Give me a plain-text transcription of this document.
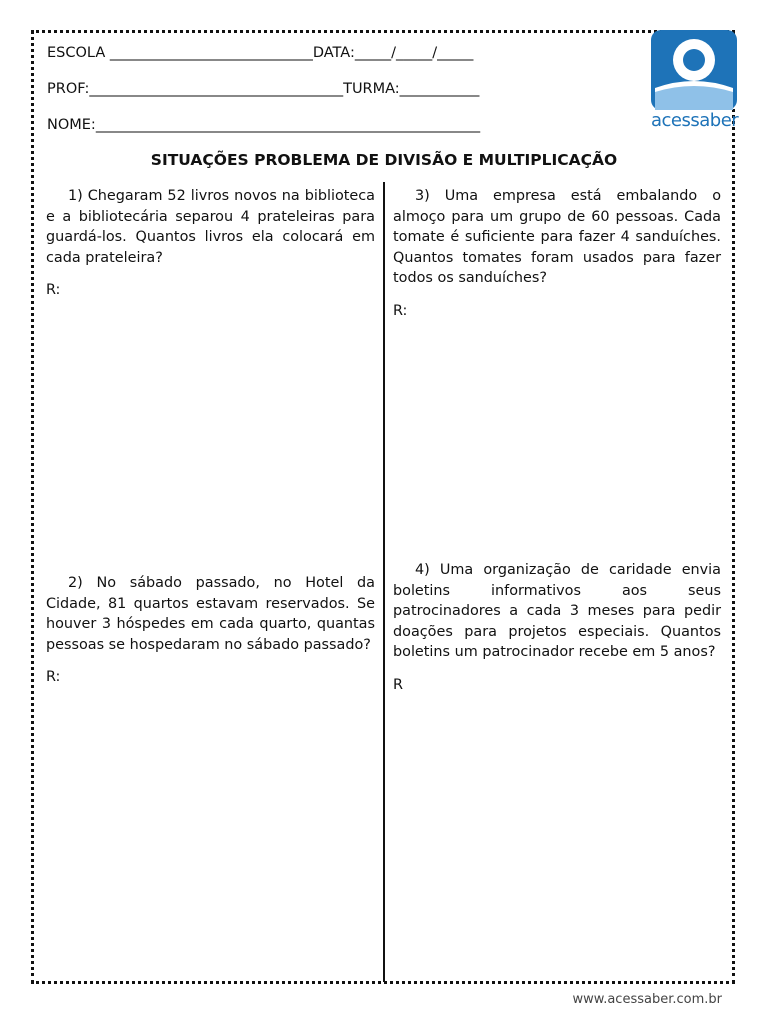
ESCOLA ____________________________DATA:_____/_____/_____
PROF:___________________________________TURMA:___________
NOME:_____________________________________________________	acessaber
SITUAÇÕES PROBLEMA DE DIVISÃO E MULTIPLICAÇÃO

1) Chegaram 52 livros novos na biblioteca e a bibliotecária separou 4 prateleiras para guardá-los. Quantos livros ela colocará em cada prateleira?

R:

2) No sábado passado, no Hotel da Cidade, 81 quartos estavam reservados. Se houver 3 hóspedes em cada quarto, quantas pessoas se hospedaram no sábado passado?

R:

3) Uma empresa está embalando o almoço para um grupo de 60 pessoas. Cada tomate é suficiente para fazer 4 sanduíches. Quantos tomates foram usados para fazer todos os sanduíches?

R:

4) Uma organização de caridade envia boletins informativos aos seus patrocinadores a cada 3 meses para pedir doações para projetos especiais. Quantos boletins um patrocinador recebe em 5 anos?

R
www.acessaber.com.br
